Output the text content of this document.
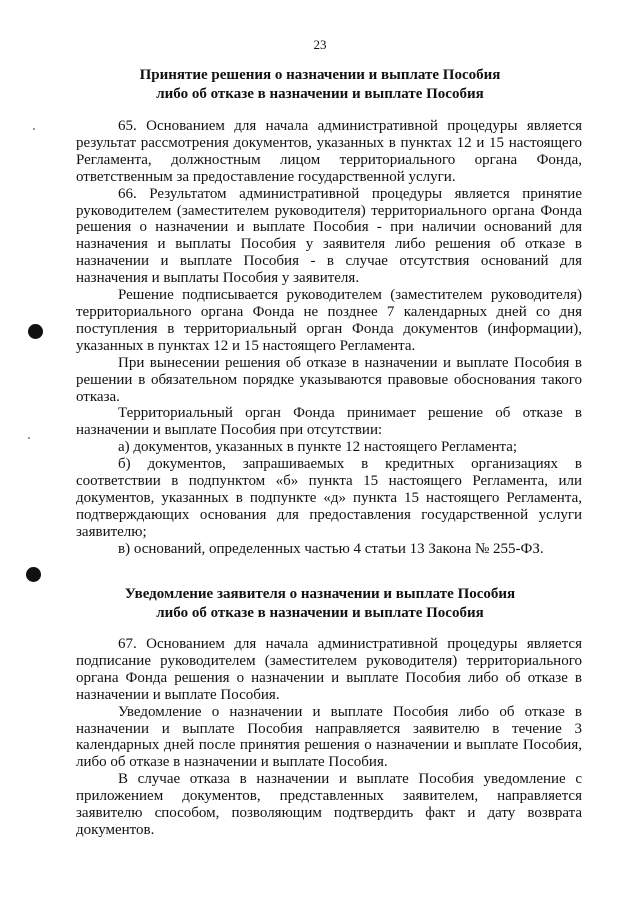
23
Принятие решения о назначении и выплате Пособия
либо об отказе в назначении и выплате Пособия

65. Основанием для начала административной процедуры является результат рассмотрения документов, указанных в пунктах 12 и 15 настоящего Регламента, должностным лицом территориального органа Фонда, ответственным за предоставление государственной услуги.

66. Результатом административной процедуры является принятие руководителем (заместителем руководителя) территориального органа Фонда решения о назначении и выплате Пособия - при наличии оснований для назначения и выплаты Пособия у заявителя либо решения об отказе в назначении и выплате Пособия - в случае отсутствия оснований для назначения и выплаты Пособия у заявителя.

Решение подписывается руководителем (заместителем руководителя) территориального органа Фонда не позднее 7 календарных дней со дня поступления в территориальный орган Фонда документов (информации), указанных в пунктах 12 и 15 настоящего Регламента.

При вынесении решения об отказе в назначении и выплате Пособия в решении в обязательном порядке указываются правовые обоснования такого отказа.

Территориальный орган Фонда принимает решение об отказе в назначении и выплате Пособия при отсутствии:

а) документов, указанных в пункте 12 настоящего Регламента;

б) документов, запрашиваемых в кредитных организациях в соответствии в подпунктом «б» пункта 15 настоящего Регламента, или документов, указанных в подпункте «д» пункта 15 настоящего Регламента, подтверждающих основания для предоставления государственной услуги заявителю;

в) оснований, определенных частью 4 статьи 13 Закона № 255-ФЗ.

Уведомление заявителя о назначении и выплате Пособия
либо об отказе в назначении и выплате Пособия

67. Основанием для начала административной процедуры является подписание руководителем (заместителем руководителя) территориального органа Фонда решения о назначении и выплате Пособия либо об отказе в назначении и выплате Пособия.

Уведомление о назначении и выплате Пособия либо об отказе в назначении и выплате Пособия направляется заявителю в течение 3 календарных дней после принятия решения о назначении и выплате Пособия, либо об отказе в назначении и выплате Пособия.

В случае отказа в назначении и выплате Пособия уведомление с приложением документов, представленных заявителем, направляется заявителю способом, позволяющим подтвердить факт и дату возврата документов.
